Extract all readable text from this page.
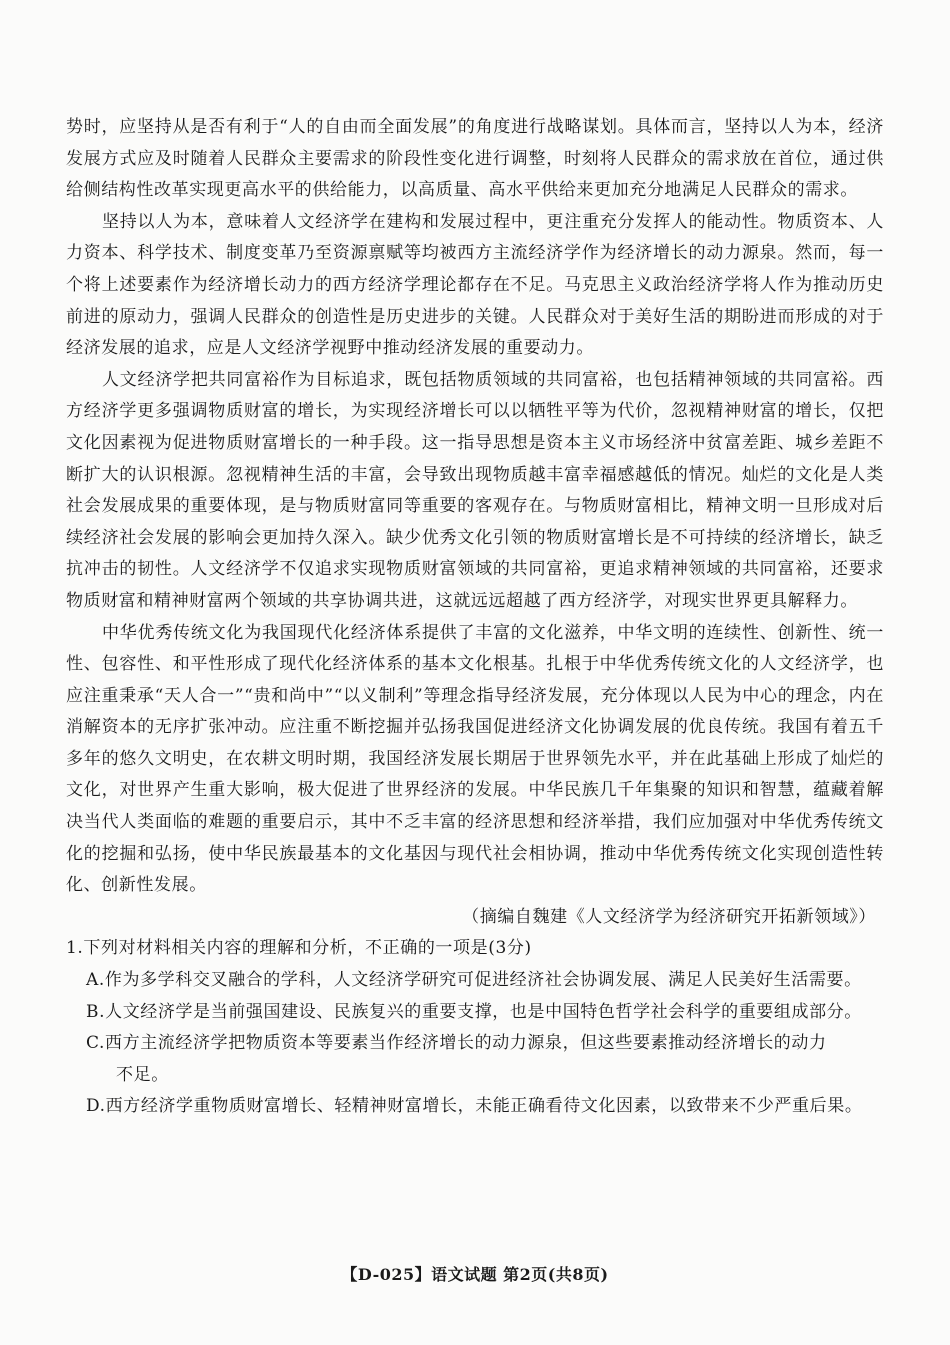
势时，应坚持从是否有利于“人的自由而全面发展”的角度进行战略谋划。具体而言，坚持以人为本，经济发展方式应及时随着人民群众主要需求的阶段性变化进行调整，时刻将人民群众的需求放在首位，通过供给侧结构性改革实现更高水平的供给能力，以高质量、高水平供给来更加充分地满足人民群众的需求。

坚持以人为本，意味着人文经济学在建构和发展过程中，更注重充分发挥人的能动性。物质资本、人力资本、科学技术、制度变革乃至资源禀赋等均被西方主流经济学作为经济增长的动力源泉。然而，每一个将上述要素作为经济增长动力的西方经济学理论都存在不足。马克思主义政治经济学将人作为推动历史前进的原动力，强调人民群众的创造性是历史进步的关键。人民群众对于美好生活的期盼进而形成的对于经济发展的追求，应是人文经济学视野中推动经济发展的重要动力。

人文经济学把共同富裕作为目标追求，既包括物质领域的共同富裕，也包括精神领域的共同富裕。西方经济学更多强调物质财富的增长，为实现经济增长可以以牺牲平等为代价，忽视精神财富的增长，仅把文化因素视为促进物质财富增长的一种手段。这一指导思想是资本主义市场经济中贫富差距、城乡差距不断扩大的认识根源。忽视精神生活的丰富，会导致出现物质越丰富幸福感越低的情况。灿烂的文化是人类社会发展成果的重要体现，是与物质财富同等重要的客观存在。与物质财富相比，精神文明一旦形成对后续经济社会发展的影响会更加持久深入。缺少优秀文化引领的物质财富增长是不可持续的经济增长，缺乏抗冲击的韧性。人文经济学不仅追求实现物质财富领域的共同富裕，更追求精神领域的共同富裕，还要求物质财富和精神财富两个领域的共享协调共进，这就远远超越了西方经济学，对现实世界更具解释力。

中华优秀传统文化为我国现代化经济体系提供了丰富的文化滋养，中华文明的连续性、创新性、统一性、包容性、和平性形成了现代化经济体系的基本文化根基。扎根于中华优秀传统文化的人文经济学，也应注重秉承“天人合一”“贵和尚中”“以义制利”等理念指导经济发展，充分体现以人民为中心的理念，内在消解资本的无序扩张冲动。应注重不断挖掘并弘扬我国促进经济文化协调发展的优良传统。我国有着五千多年的悠久文明史，在农耕文明时期，我国经济发展长期居于世界领先水平，并在此基础上形成了灿烂的文化，对世界产生重大影响，极大促进了世界经济的发展。中华民族几千年集聚的知识和智慧，蕴藏着解决当代人类面临的难题的重要启示，其中不乏丰富的经济思想和经济举措，我们应加强对中华优秀传统文化的挖掘和弘扬，使中华民族最基本的文化基因与现代社会相协调，推动中华优秀传统文化实现创造性转化、创新性发展。

（摘编自魏建《人文经济学为经济研究开拓新领域》）

1.下列对材料相关内容的理解和分析，不正确的一项是(3分)

A.作为多学科交叉融合的学科，人文经济学研究可促进经济社会协调发展、满足人民美好生活需要。

B.人文经济学是当前强国建设、民族复兴的重要支撑，也是中国特色哲学社会科学的重要组成部分。

C.西方主流经济学把物质资本等要素当作经济增长的动力源泉，但这些要素推动经济增长的动力

不足。

D.西方经济学重物质财富增长、轻精神财富增长，未能正确看待文化因素，以致带来不少严重后果。

【D-025】语文试题 第2页(共8页)
